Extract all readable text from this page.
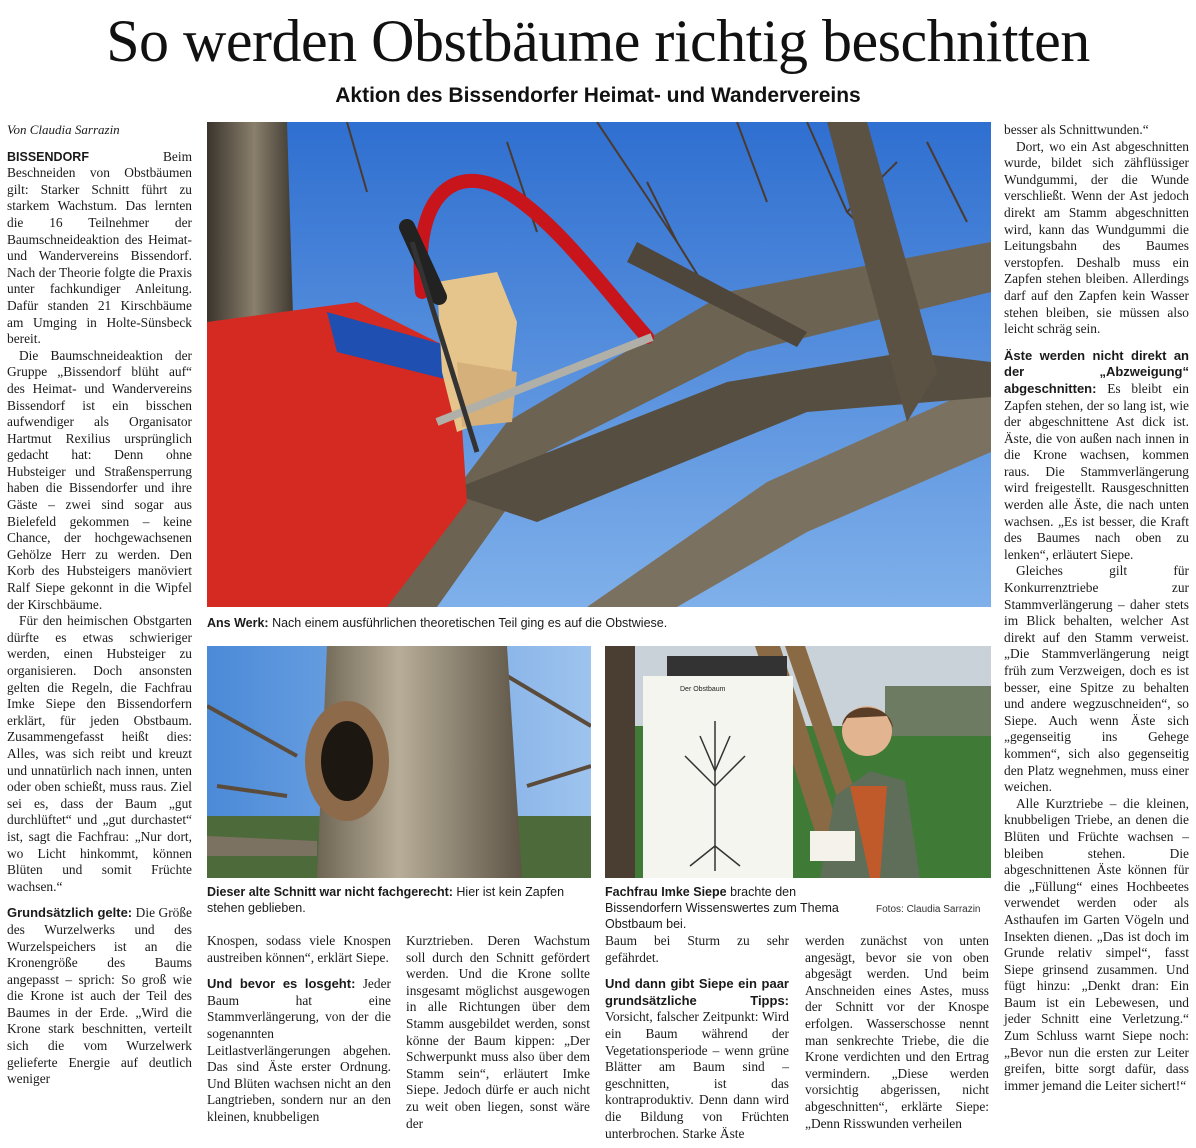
So werden Obstbäume richtig beschnitten
Aktion des Bissendorfer Heimat- und Wandervereins
Von Claudia Sarrazin

BISSENDORF	Beim Beschneiden von Obstbäumen gilt: Starker Schnitt führt zu starkem Wachstum. Das lernten die 16 Teilnehmer der Baumschneideaktion des Heimat- und Wandervereins Bissendorf. Nach der Theorie folgte die Praxis unter fachkundiger Anleitung. Dafür standen 21 Kirschbäume am Umging in Holte-Sünsbeck bereit.

Die Baumschneideaktion der Gruppe „Bissendorf blüht auf“ des Heimat- und Wandervereins Bissendorf ist ein bisschen aufwendiger als Organisator Hartmut Rexilius ursprünglich gedacht hat: Denn ohne Hubsteiger und Straßensperrung haben die Bissendorfer und ihre Gäste – zwei sind sogar aus Bielefeld gekommen – keine Chance, der hochgewachsenen Gehölze Herr zu werden. Den Korb des Hubsteigers manöviert Ralf Siepe gekonnt in die Wipfel der Kirschbäume.

Für den heimischen Obstgarten dürfte es etwas schwieriger werden, einen Hubsteiger zu organisieren. Doch ansonsten gelten die Regeln, die Fachfrau Imke Siepe den Bissendorfern erklärt, für jeden Obstbaum. Zusammengefasst heißt dies: Alles, was sich reibt und kreuzt und unnatürlich nach innen, unten oder oben schießt, muss raus. Ziel sei es, dass der Baum „gut durchlüftet“ und „gut durchastet“ ist, sagt die Fachfrau: „Nur dort, wo Licht hinkommt, können Blüten und somit Früchte wachsen.“

Grundsätzlich gelte: Die Größe des Wurzelwerks und des Wurzelspeichers ist an die Kronengröße des Baums angepasst – sprich: So groß wie die Krone ist auch der Teil des Baumes in der Erde. „Wird die Krone stark beschnitten, verteilt sich die vom Wurzelwerk gelieferte Energie auf deutlich weniger

Ans Werk: Nach einem ausführlichen theoretischen Teil ging es auf die Obstwiese.
Dieser alte Schnitt war nicht fachgerecht: Hier ist kein Zapfen stehen geblieben.
Der Obstbaum
Fachfrau Imke Siepe brachte den Bissendorfern Wissenswertes zum Thema Obstbaum bei.
Fotos: Claudia Sarrazin

Knospen, sodass viele Knospen austreiben können“, erklärt Siepe.

Und bevor es losgeht: Jeder Baum hat eine Stammverlängerung, von der die sogenannten Leitlastverlängerungen abgehen. Das sind Äste erster Ordnung. Und Blüten wachsen nicht an den Langtrieben, sondern nur an den kleinen, knubbeligen

Kurztrieben. Deren Wachstum soll durch den Schnitt gefördert werden. Und die Krone sollte insgesamt möglichst ausgewogen in alle Richtungen über dem Stamm ausgebildet werden, sonst könne der Baum kippen: „Der Schwerpunkt muss also über dem Stamm sein“, erläutert Imke Siepe. Jedoch dürfe er auch nicht zu weit oben liegen, sonst wäre der

Baum bei Sturm zu sehr gefährdet.

Und dann gibt Siepe ein paar grundsätzliche Tipps: Vorsicht, falscher Zeitpunkt: Wird ein Baum während der Vegetationsperiode – wenn grüne Blätter am Baum sind – geschnitten, ist das kontraproduktiv. Denn dann wird die Bildung von Früchten unterbrochen. Starke Äste

werden zunächst von unten angesägt, bevor sie von oben abgesägt werden. Und beim Anschneiden eines Astes, muss der Schnitt vor der Knospe erfolgen. Wasserschosse nennt man senkrechte Triebe, die die Krone verdichten und den Ertrag vermindern. „Diese werden vorsichtig abgerissen, nicht abgeschnitten“, erklärte Siepe: „Denn Risswunden verheilen

besser als Schnittwunden.“

Dort, wo ein Ast abgeschnitten wurde, bildet sich zähflüssiger Wundgummi, der die Wunde verschließt. Wenn der Ast jedoch direkt am Stamm abgeschnitten wird, kann das Wundgummi die Leitungsbahn des Baumes verstopfen. Deshalb muss ein Zapfen stehen bleiben. Allerdings darf auf den Zapfen kein Wasser stehen bleiben, sie müssen also leicht schräg sein.

Äste werden nicht direkt an der „Abzweigung“ abgeschnitten: Es bleibt ein Zapfen stehen, der so lang ist, wie der abgeschnittene Ast dick ist. Äste, die von außen nach innen in die Krone wachsen, kommen raus. Die Stammverlängerung wird freigestellt. Rausgeschnitten werden alle Äste, die nach unten wachsen. „Es ist besser, die Kraft des Baumes nach oben zu lenken“, erläutert Siepe.

Gleiches gilt für Konkurrenztriebe zur Stammverlängerung – daher stets im Blick behalten, welcher Ast direkt auf den Stamm verweist. „Die Stammverlängerung neigt früh zum Verzweigen, doch es ist besser, eine Spitze zu behalten und andere wegzuschneiden“, so Siepe. Auch wenn Äste sich „gegenseitig ins Gehege kommen“, sich also gegenseitig den Platz wegnehmen, muss einer weichen.

Alle Kurztriebe – die kleinen, knubbeligen Triebe, an denen die Blüten und Früchte wachsen – bleiben stehen. Die abgeschnittenen Äste können für die „Füllung“ eines Hochbeetes verwendet werden oder als Asthaufen im Garten Vögeln und Insekten dienen. „Das ist doch im Grunde relativ simpel“, fasst Siepe grinsend zusammen. Und fügt hinzu: „Denkt dran: Ein Baum ist ein Lebewesen, und jeder Schnitt eine Verletzung.“ Zum Schluss warnt Siepe noch: „Bevor nun die ersten zur Leiter greifen, bitte sorgt dafür, dass immer jemand die Leiter sichert!“
